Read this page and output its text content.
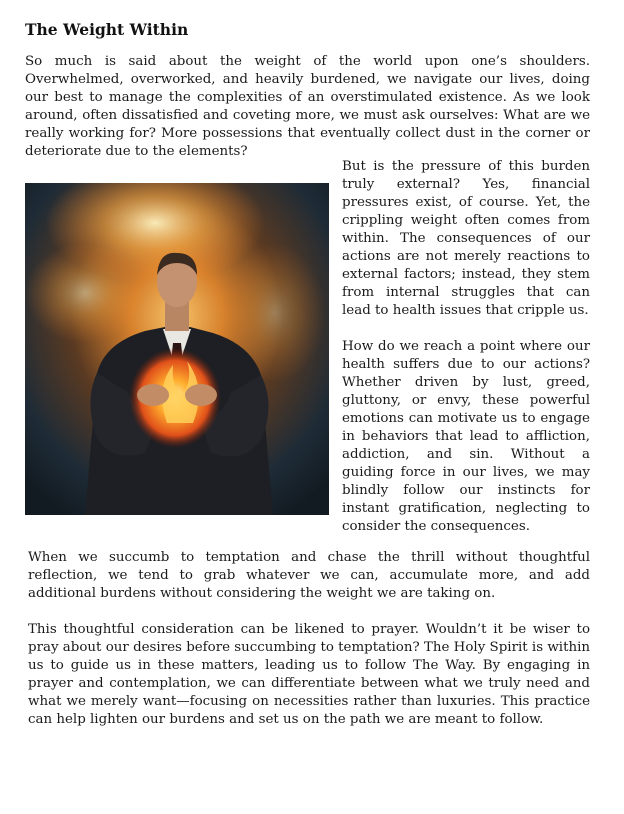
The Weight Within

So much is said about the weight of the world upon one’s shoulders. Overwhelmed, overworked, and heavily burdened, we navigate our lives, doing our best to manage the complexities of an overstimulated existence. As we look around, often dissatisfied and coveting more, we must ask ourselves: What are we really working for? More possessions that eventually collect dust in the corner or deteriorate due to the elements?

But is the pressure of this burden truly external? Yes, financial pressures exist, of course. Yet, the crippling weight often comes from within. The consequences of our actions are not merely reactions to external factors; instead, they stem from internal struggles that can lead to health issues that cripple us.

How do we reach a point where our health suffers due to our actions? Whether driven by lust, greed, gluttony, or envy, these powerful emotions can motivate us to engage in behaviors that lead to affliction, addiction, and sin. Without a guiding force in our lives, we may blindly follow our instincts for instant gratification, neglecting to consider the consequences.

When we succumb to temptation and chase the thrill without thoughtful reflection, we tend to grab whatever we can, accumulate more, and add additional burdens without considering the weight we are taking on.

This thoughtful consideration can be likened to prayer. Wouldn’t it be wiser to pray about our desires before succumbing to temptation? The Holy Spirit is within us to guide us in these matters, leading us to follow The Way. By engaging in prayer and contemplation, we can differentiate between what we truly need and what we merely want—focusing on necessities rather than luxuries. This practice can help lighten our burdens and set us on the path we are meant to follow.
